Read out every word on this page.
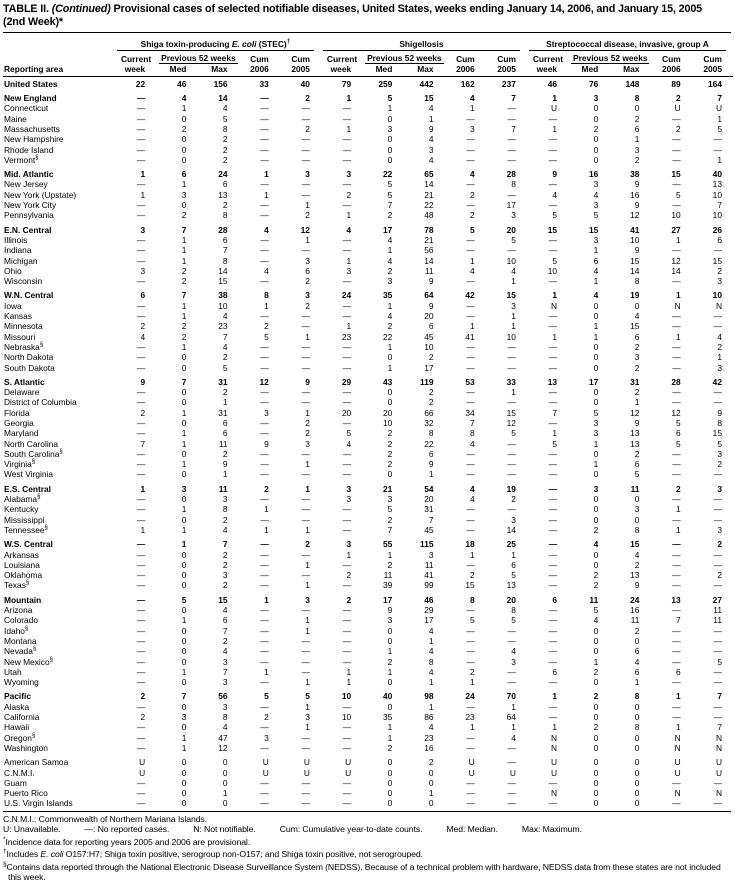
TABLE II. (Continued) Provisional cases of selected notifiable diseases, United States, weeks ending January 14, 2006, and January 15, 2005
(2nd Week)*

	Shiga toxin-producing E. coli (STEC)†					Shigellosis					Streptococcal disease, invasive, group A				

	Current	Previous 52 weeks		Cum	Cum	Current	Previous 52 weeks		Cum	Cum	Current	Previous 52 weeks		Cum	Cum
Reporting area	week	Med	Max	2006	2005	week	Med	Max	2006	2005	week	Med	Max	2006	2005
United States	22	46	156	33	40	79	259	442	162	237	46	76	148	89	164
New England	—	4	14	—	2	1	5	15	4	7	1	3	8	2	7
Connecticut	—	1	4	—	—	—	1	4	1	—	U	0	0	U	U
Maine	—	0	5	—	—	—	0	1	—	—	—	0	2	—	1
Massachusetts	—	2	8	—	2	1	3	9	3	7	1	2	6	2	5
New Hampshire	—	0	2	—	—	—	0	4	—	—	—	0	1	—	—
Rhode Island	—	0	2	—	—	—	0	3	—	—	—	0	3	—	—
Vermont§	—	0	2	—	—	—	0	4	—	—	—	0	2	—	1
Mid. Atlantic	1	6	24	1	3	3	22	65	4	28	9	16	38	15	40
New Jersey	—	1	6	—	—	—	5	14	—	8	—	3	9	—	13
New York (Upstate)	1	3	13	1	—	2	5	21	2	—	4	4	16	5	10
New York City	—	0	2	—	1	—	7	22	—	17	—	3	9	—	7
Pennsylvania	—	2	8	—	2	1	2	48	2	3	5	5	12	10	10
E.N. Central	3	7	28	4	12	4	17	78	5	20	15	15	41	27	26
Illinois	—	1	6	—	1	—	4	21	—	5	—	3	10	1	6
Indiana	—	1	7	—	—	—	1	56	—	—	—	1	9	—	—
Michigan	—	1	8	—	3	1	4	14	1	10	5	6	15	12	15
Ohio	3	2	14	4	6	3	2	11	4	4	10	4	14	14	2
Wisconsin	—	2	15	—	2	—	3	9	—	1	—	1	8	—	3
W.N. Central	6	7	38	8	3	24	35	64	42	15	1	4	19	1	10
Iowa	—	1	10	1	2	—	1	9	—	3	N	0	0	N	N
Kansas	—	1	4	—	—	—	4	20	—	1	—	0	4	—	—
Minnesota	2	2	23	2	—	1	2	6	1	1	—	1	15	—	—
Missouri	4	2	7	5	1	23	22	45	41	10	1	1	6	1	4
Nebraska§	—	1	4	—	—	—	1	10	—	—	—	0	2	—	2
North Dakota	—	0	2	—	—	—	0	2	—	—	—	0	3	—	1
South Dakota	—	0	5	—	—	—	1	17	—	—	—	0	2	—	3
S. Atlantic	9	7	31	12	9	29	43	119	53	33	13	17	31	28	42
Delaware	—	0	2	—	—	—	0	2	—	1	—	0	2	—	—
District of Columbia	—	0	1	—	—	—	0	2	—	—	—	0	1	—	—
Florida	2	1	31	3	1	20	20	66	34	15	7	5	12	12	9
Georgia	—	0	6	—	2	—	10	32	7	12	—	3	9	5	8
Maryland	—	1	6	—	2	5	2	8	8	5	1	3	13	6	15
North Carolina	7	1	11	9	3	4	2	22	4	—	5	1	13	5	5
South Carolina§	—	0	2	—	—	—	2	6	—	—	—	0	2	—	3
Virginia§	—	1	9	—	1	—	2	9	—	—	—	1	6	—	2
West Virginia	—	0	1	—	—	—	0	1	—	—	—	0	5	—	—
E.S. Central	1	3	11	2	1	3	21	54	4	19	—	3	11	2	3
Alabama§	—	0	3	—	—	3	3	20	4	2	—	0	0	—	—
Kentucky	—	1	8	1	—	—	5	31	—	—	—	0	3	1	—
Mississippi	—	0	2	—	—	—	2	7	—	3	—	0	0	—	—
Tennessee§	1	1	4	1	1	—	7	45	—	14	—	2	8	1	3
W.S. Central	—	1	7	—	2	3	55	115	18	25	—	4	15	—	2
Arkansas	—	0	2	—	—	1	1	3	1	1	—	0	4	—	—
Louisiana	—	0	2	—	1	—	2	11	—	6	—	0	2	—	—
Oklahoma	—	0	3	—	—	2	11	41	2	5	—	2	13	—	2
Texas§	—	0	2	—	1	—	39	99	15	13	—	2	9	—	—
Mountain	—	5	15	1	3	2	17	46	8	20	6	11	24	13	27
Arizona	—	0	4	—	—	—	9	29	—	8	—	5	16	—	11
Colorado	—	1	6	—	1	—	3	17	5	5	—	4	11	7	11
Idaho§	—	0	7	—	1	—	0	4	—	—	—	0	2	—	—
Montana	—	0	2	—	—	—	0	1	—	—	—	0	0	—	—
Nevada§	—	0	4	—	—	—	1	4	—	4	—	0	6	—	—
New Mexico§	—	0	3	—	—	—	2	8	—	3	—	1	4	—	5
Utah	—	1	7	1	—	1	1	4	2	—	6	2	6	6	—
Wyoming	—	0	3	—	1	1	0	1	1	—	—	0	1	—	—
Pacific	2	7	56	5	5	10	40	98	24	70	1	2	8	1	7
Alaska	—	0	3	—	1	—	0	1	—	1	—	0	0	—	—
California	2	3	8	2	3	10	35	86	23	64	—	0	0	—	—
Hawaii	—	0	4	—	1	—	1	4	1	1	1	2	8	1	7
Oregon§	—	1	47	3	—	—	1	23	—	4	N	0	0	N	N
Washington	—	1	12	—	—	—	2	16	—	—	N	0	0	N	N
American Samoa	U	0	0	U	U	U	0	2	U	—	U	0	0	U	U
C.N.M.I.	U	0	0	U	U	U	0	0	U	U	U	0	0	U	U
Guam	—	0	0	—	—	—	0	0	—	—	—	0	0	—	—
Puerto Rico	—	0	1	—	—	—	0	1	—	—	N	0	0	N	N
U.S. Virgin Islands	—	0	0	—	—	—	0	0	—	—	—	0	0	—	—
C.N.M.I.: Commonwealth of Northern Mariana Islands.
U: Unavailable.	—: No reported cases.	N: Not notifiable.	Cum: Cumulative year-to-date counts.	Med: Median.	Max: Maximum.
*Incidence data for reporting years 2005 and 2006 are provisional.
†Includes E. coli O157:H7; Shiga toxin positive, serogroup non-O157; and Shiga toxin positive, not serogrouped.
§Contains data reported through the National Electronic Disease Surveillance System (NEDSS). Because of a technical problem with hardware, NEDSS data from these states are not included this week.
